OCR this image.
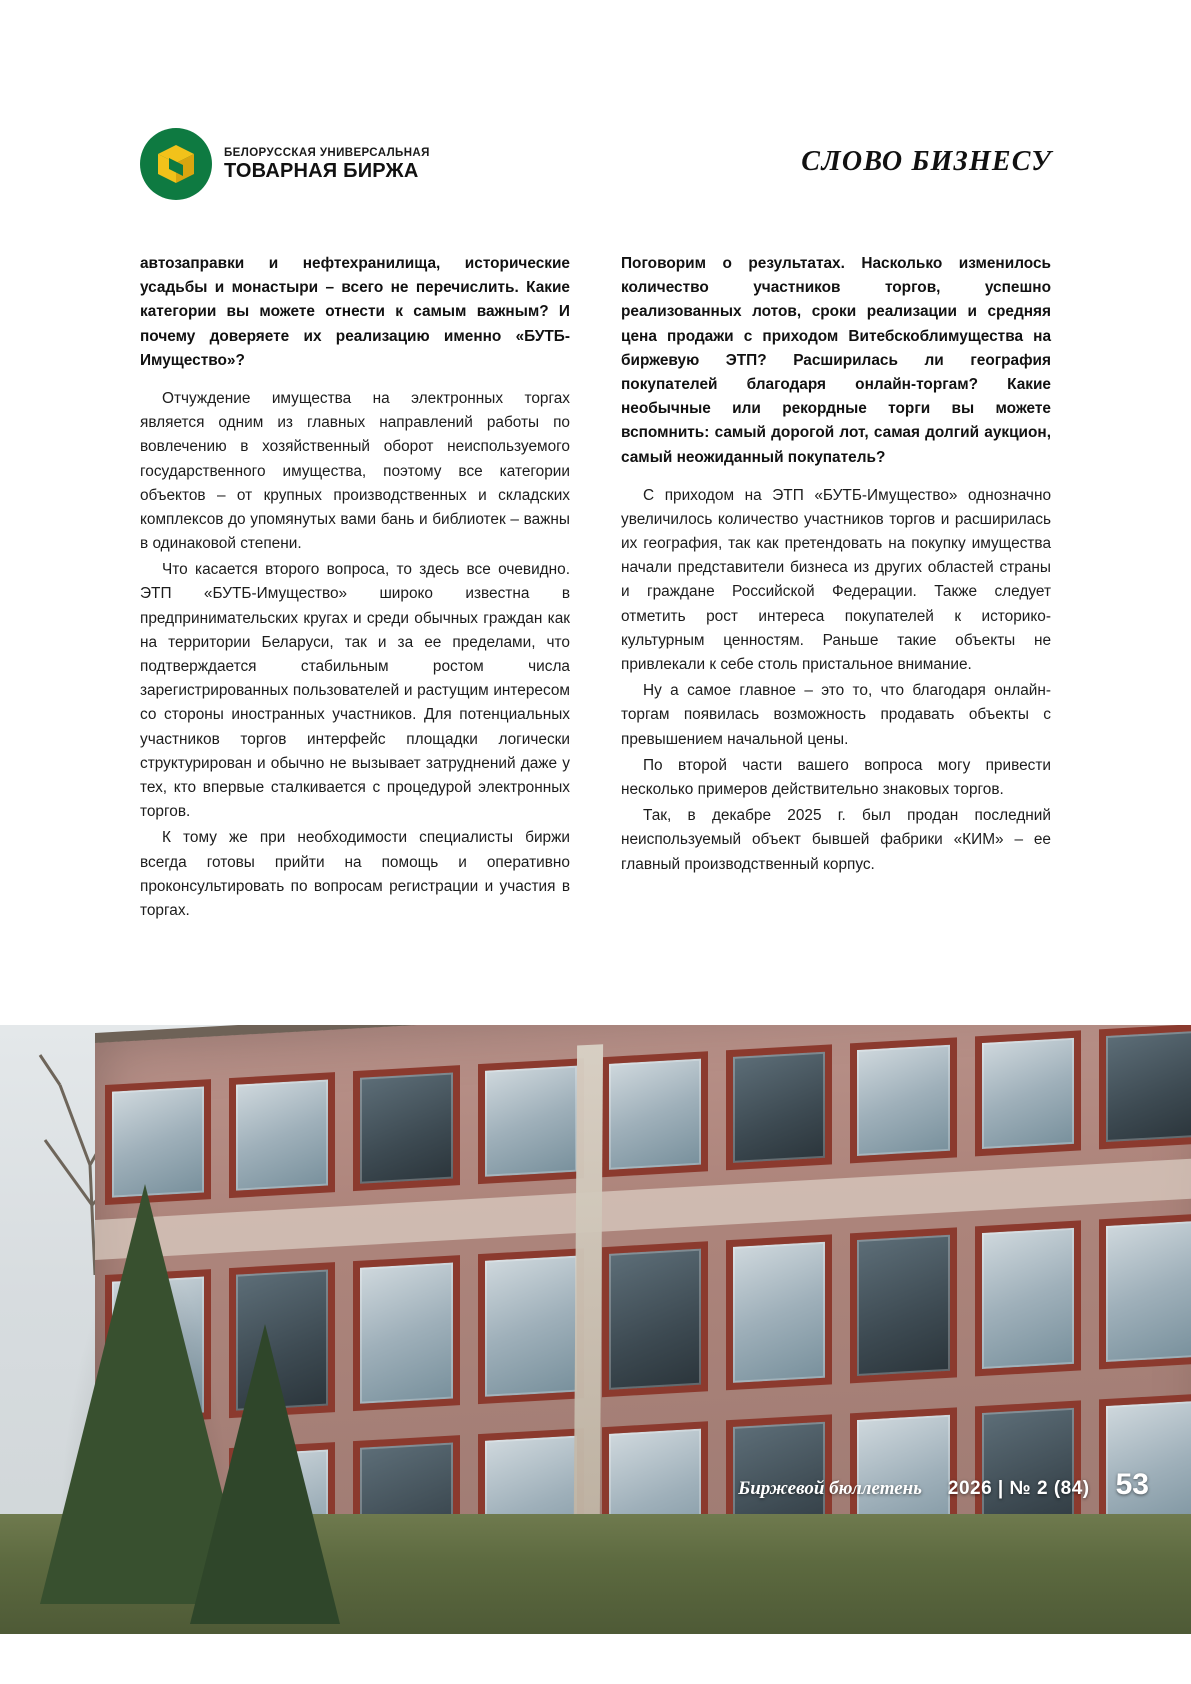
БЕЛОРУССКАЯ УНИВЕРСАЛЬНАЯ
ТОВАРНАЯ БИРЖА	СЛОВО БИЗНЕСУ

автозаправки и нефтехранилища, исторические усадьбы и монастыри – всего не перечислить. Какие категории вы можете отнести к самым важным? И почему доверяете их реализацию именно «БУТБ-Имущество»?

Отчуждение имущества на электронных торгах является одним из главных направлений работы по вовлечению в хозяйственный оборот неиспользуемого государственного имущества, поэтому все категории объектов – от крупных производственных и складских комплексов до упомянутых вами бань и библиотек – важны в одинаковой степени.

Что касается второго вопроса, то здесь все очевидно. ЭТП «БУТБ-Имущество» широко известна в предпринимательских кругах и среди обычных граждан как на территории Беларуси, так и за ее пределами, что подтверждается стабильным ростом числа зарегистрированных пользователей и растущим интересом со стороны иностранных участников. Для потенциальных участников торгов интерфейс площадки логически структурирован и обычно не вызывает затруднений даже у тех, кто впервые сталкивается с процедурой электронных торгов.

К тому же при необходимости специалисты биржи всегда готовы прийти на помощь и оперативно проконсультировать по вопросам регистрации и участия в торгах.

Поговорим о результатах. Насколько изменилось количество участников торгов, успешно реализованных лотов, сроки реализации и средняя цена продажи с приходом Витебскоблимущества на биржевую ЭТП? Расширилась ли география покупателей благодаря онлайн-торгам? Какие необычные или рекордные торги вы можете вспомнить: самый дорогой лот, самая долгий аукцион, самый неожиданный покупатель?

С приходом на ЭТП «БУТБ-Имущество» однозначно увеличилось количество участников торгов и расширилась их география, так как претендовать на покупку имущества начали представители бизнеса из других областей страны и граждане Российской Федерации. Также следует отметить рост интереса покупателей к историко-культурным ценностям. Раньше такие объекты не привлекали к себе столь пристальное внимание.

Ну а самое главное – это то, что благодаря онлайн-торгам появилась возможность продавать объекты с превышением начальной цены.

По второй части вашего вопроса могу привести несколько примеров действительно знаковых торгов.

Так, в декабре 2025 г. был продан последний неиспользуемый объект бывшей фабрики «КИМ» – ее главный производственный корпус.

Биржевой бюллетень 2026 | № 2 (84) 53
